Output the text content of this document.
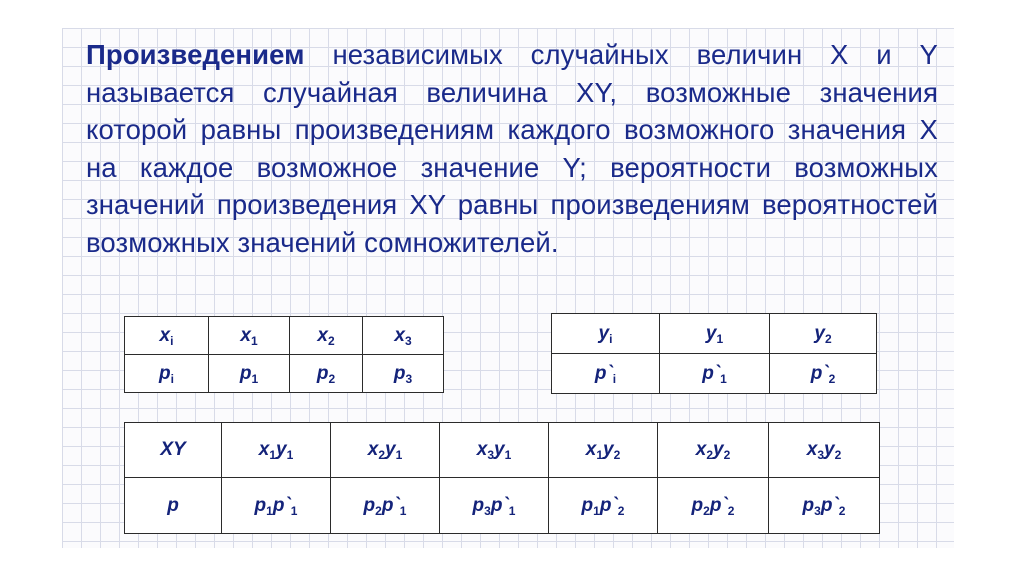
Произведением независимых случайных величин X и Y называется случайная величина XY, возможные значения которой равны произведениям каждого возможного значения X на каждое возможное значение Y; вероятности возможных значений произведения XY равны произведениям вероятностей возможных значений сомножителей.
$x_i$	$x_1$	$x_2$	$x_3$
$p_i$	$p_1$	$p_2$	$p_3$
$y_i$	$y_1$	$y_2$
$p`_i$	$p`_1$	$p`_2$
XY	$x_1y_1$	$x_2y_1$	$x_3y_1$	$x_1y_2$	$x_2y_2$	$x_3y_2$
p	$p_1p`_1$	$p_2p`_1$	$p_3p`_1$	$p_1p`_2$	$p_2p`_2$	$p_3p`_2$
